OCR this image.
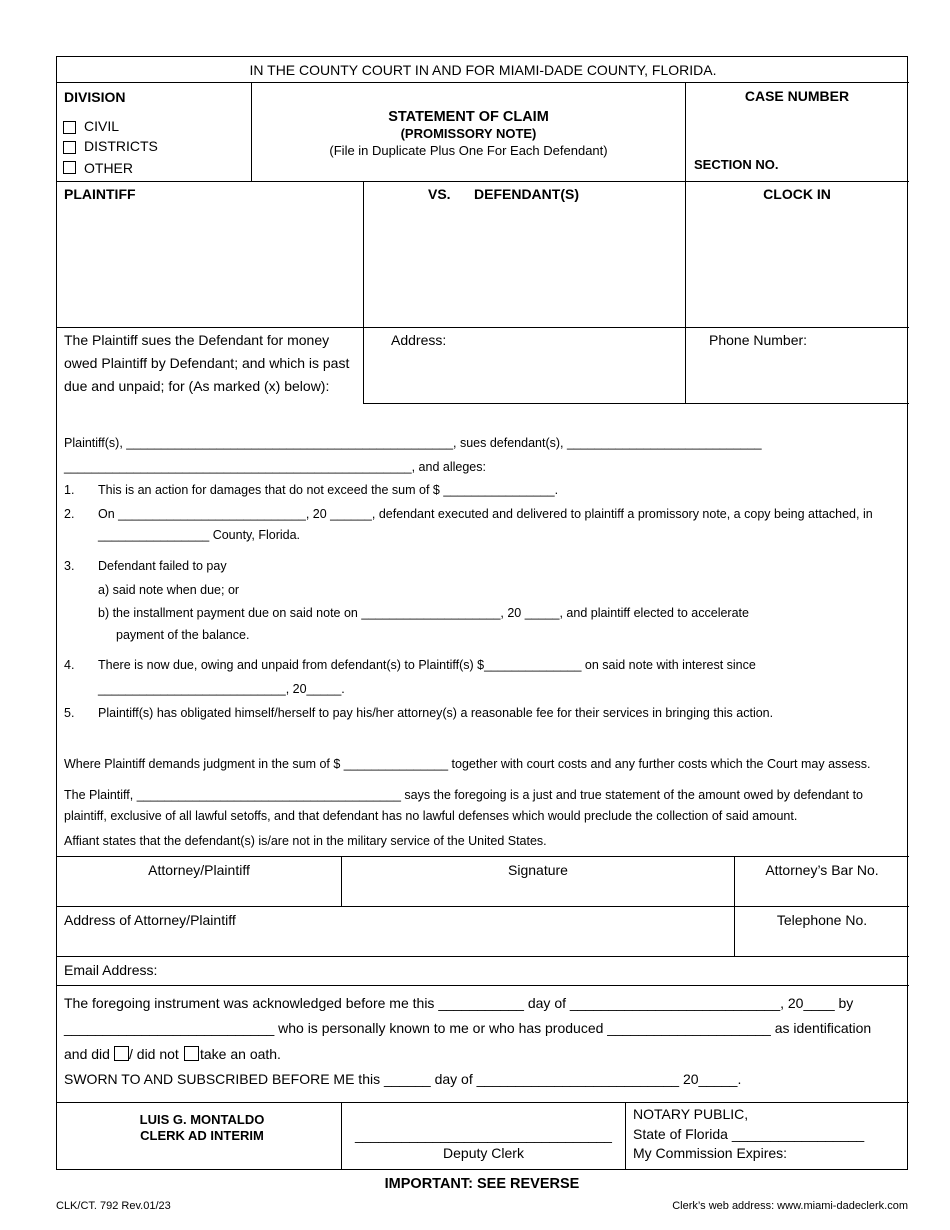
IN THE COUNTY COURT IN AND FOR MIAMI-DADE COUNTY, FLORIDA.
DIVISION
CIVIL
DISTRICTS
OTHER
STATEMENT OF CLAIM
(PROMISSORY NOTE)
(File in Duplicate Plus One For Each Defendant)
CASE NUMBER
SECTION NO.
PLAINTIFF	VS. DEFENDANT(S)	CLOCK IN
The Plaintiff sues the Defendant for money
owed Plaintiff by Defendant; and which is past
due and unpaid; for (As marked (x) below):
Address:	Phone Number:
Plaintiff(s), _______________________________________________, sues defendant(s), ____________________________
__________________________________________________, and alleges:
1. This is an action for damages that do not exceed the sum of $ ________________.
2. On ___________________________, 20 ______, defendant executed and delivered to plaintiff a promissory note, a copy being attached, in
________________ County, Florida.
3. Defendant failed to pay
a) said note when due; or
b) the installment payment due on said note on ____________________, 20 _____, and plaintiff elected to accelerate
payment of the balance.
4. There is now due, owing and unpaid from defendant(s) to Plaintiff(s) $______________ on said note with interest since
___________________________, 20_____.
5. Plaintiff(s) has obligated himself/herself to pay his/her attorney(s) a reasonable fee for their services in bringing this action.
Where Plaintiff demands judgment in the sum of $ _______________ together with court costs and any further costs which the Court may assess.
The Plaintiff, ______________________________________ says the foregoing is a just and true statement of the amount owed by defendant to
plaintiff, exclusive of all lawful setoffs, and that defendant has no lawful defenses which would preclude the collection of said amount.
Affiant states that the defendant(s) is/are not in the military service of the United States.
Attorney/Plaintiff	Signature	Attorney’s Bar No.
Address of Attorney/Plaintiff	Telephone No.
Email Address:
The foregoing instrument was acknowledged before me this ___________ day of ___________________________, 20____ by
___________________________ who is personally known to me or who has produced _____________________ as identification
and did / did not take an oath.
SWORN TO AND SUBSCRIBED BEFORE ME this ______ day of __________________________ 20_____.
LUIS G. MONTALDO
CLERK AD INTERIM	_________________________________
Deputy Clerk
NOTARY PUBLIC,
State of Florida _________________
My Commission Expires:
IMPORTANT: SEE REVERSE
CLK/CT. 792 Rev.01/23	Clerk’s web address: www.miami-dadeclerk.com
